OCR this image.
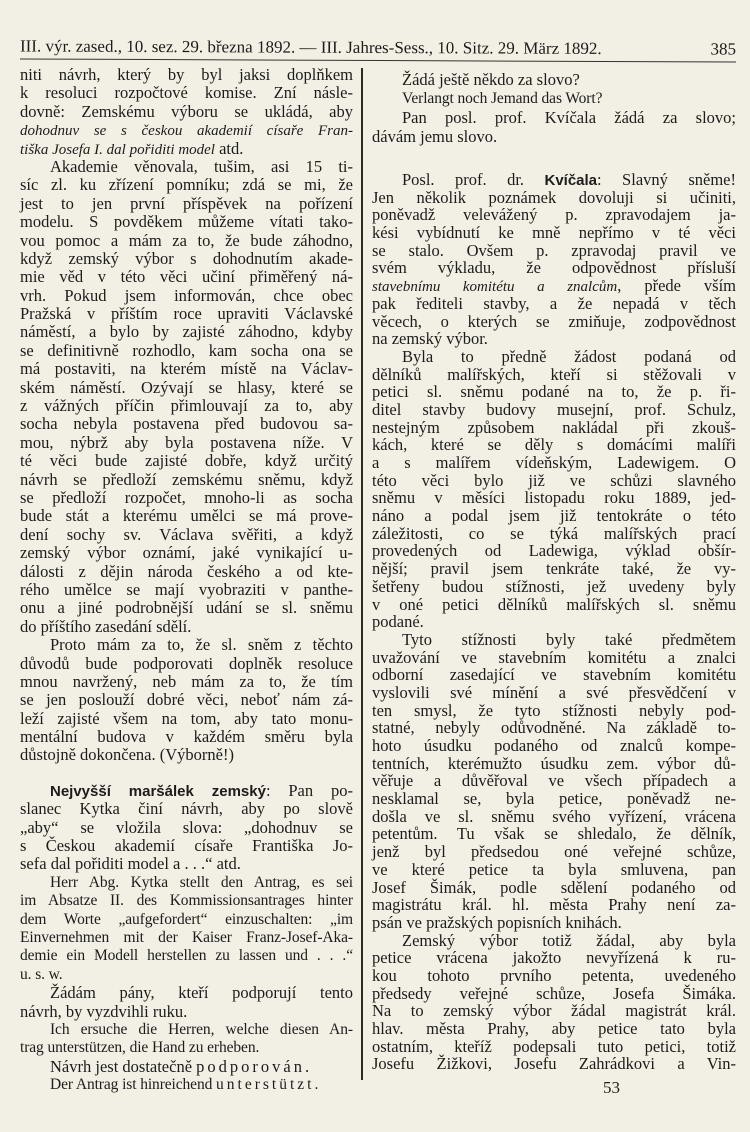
III. výr. zased., 10. sez. 29. března 1892. — III. Jahres-Sess., 10. Sitz. 29. März 1892.	385
niti návrh, který by byl jaksi doplňkem
k resoluci rozpočtové komise. Zní násle-
dovně: Zemskému výboru se ukládá, aby
dohodnuv se s českou akademií císaře Fran-
tiška Josefa I. dal pořiditi model atd.
Akademie věnovala, tušim, asi 15 ti-
síc zl. ku zřízení pomníku; zdá se mi, že
jest to jen první příspěvek na pořízení
modelu. S povděkem můžeme vítati tako-
vou pomoc a mám za to, že bude záhodno,
když zemský výbor s dohodnutím akade-
mie věd v této věci učiní přiměřený ná-
vrh. Pokud jsem informován, chce obec
Pražská v příštím roce upraviti Václavské
náměstí, a bylo by zajisté záhodno, kdyby
se definitivně rozhodlo, kam socha ona se
má postaviti, na kterém místě na Václav-
ském náměstí. Ozývají se hlasy, které se
z vážných příčin přimlouvají za to, aby
socha nebyla postavena před budovou sa-
mou, nýbrž aby byla postavena níže. V
té věci bude zajisté dobře, když určitý
návrh se předloží zemskému sněmu, když
se předloží rozpočet, mnoho-li as socha
bude stát a kterému umělci se má prove-
dení sochy sv. Václava svěřiti, a když
zemský výbor oznámí, jaké vynikající u-
dálosti z dějin národa českého a od kte-
rého umělce se mají vyobraziti v panthe-
onu a jiné podrobnější udání se sl. sněmu
do příštího zasedání sdělí.
Proto mám za to, že sl. sněm z těchto
důvodů bude podporovati doplněk resoluce
mnou navržený, neb mám za to, že tím
se jen poslouží dobré věci, neboť nám zá-
leží zajisté všem na tom, aby tato monu-
mentální budova v každém směru byla
důstojně dokončena. (Výborně!)
Nejvyšší maršálek zemský: Pan po-
slanec Kytka činí návrh, aby po slově
„aby“ se vložila slova: „dohodnuv se
s Českou akademií císaře Františka Jo-
sefa dal pořiditi model a . . .“ atd.
Herr Abg. Kytka stellt den Antrag, es sei
im Absatze II. des Kommissionsantrages hinter
dem Worte „aufgefordert“ einzuschalten: „im
Einvernehmen mit der Kaiser Franz-Josef-Aka-
demie ein Modell herstellen zu lassen und . . .“
u. s. w.
Žádám pány, kteří podporují tento
návrh, by vyzdvihli ruku.
Ich ersuche die Herren, welche diesen An-
trag unterstützen, die Hand zu erheben.
Návrh jest dostatečně podporován.
Der Antrag ist hinreichend unterstützt.
Žádá ještě někdo za slovo?
Verlangt noch Jemand das Wort?
Pan posl. prof. Kvíčala žádá za slovo;
dávám jemu slovo.
Posl. prof. dr. Kvíčala: Slavný sněme!
Jen několik poznámek dovoluji si učiniti,
poněvadž velevážený p. zpravodajem ja-
kési vybídnutí ke mně nepřímo v té věci
se stalo. Ovšem p. zpravodaj pravil ve
svém výkladu, že odpovědnost přísluší
stavebnímu komitétu a znalcům, přede vším
pak řediteli stavby, a že nepadá v těch
věcech, o kterých se zmiňuje, zodpovědnost
na zemský výbor.
Byla to předně žádost podaná od
dělníků malířských, kteří si stěžovali v
petici sl. sněmu podané na to, že p. ři-
ditel stavby budovy musejní, prof. Schulz,
nestejným způsobem nakládal při zkouš-
kách, které se děly s domácími malíři
a s malířem vídeňským, Ladewigem. O
této věci bylo již ve schůzi slavného
sněmu v měsíci listopadu roku 1889, jed-
náno a podal jsem již tentokráte o této
záležitosti, co se týká malířských prací
provedených od Ladewiga, výklad obšír-
nější; pravil jsem tenkráte také, že vy-
šetřeny budou stížnosti, jež uvedeny byly
v oné petici dělníků malířských sl. sněmu
podané.
Tyto stížnosti byly také předmětem
uvažování ve stavebním komitétu a znalci
odborní zasedající ve stavebním komitétu
vyslovili své mínění a své přesvědčení v
ten smysl, že tyto stížnosti nebyly pod-
statné, nebyly odůvodněné. Na základě to-
hoto úsudku podaného od znalců kompe-
tentních, kterémužto úsudku zem. výbor dů-
věřuje a důvěřoval ve všech případech a
nesklamal se, byla petice, poněvadž ne-
došla ve sl. sněmu svého vyřízení, vrácena
petentům. Tu však se shledalo, že dělník,
jenž byl předsedou oné veřejné schůze,
ve které petice ta byla smluvena, pan
Josef Šimák, podle sdělení podaného od
magistrátu král. hl. města Prahy není za-
psán ve pražských popisních knihách.
Zemský výbor totiž žádal, aby byla
petice vrácena jakožto nevyřízená k ru-
kou tohoto prvního petenta, uvedeného
předsedy veřejné schůze, Josefa Šimáka.
Na to zemský výbor žádal magistrát král.
hlav. města Prahy, aby petice tato byla
ostatním, kteříž podepsali tuto petici, totiž
Josefu Žižkovi, Josefu Zahrádkovi a Vin-
53
